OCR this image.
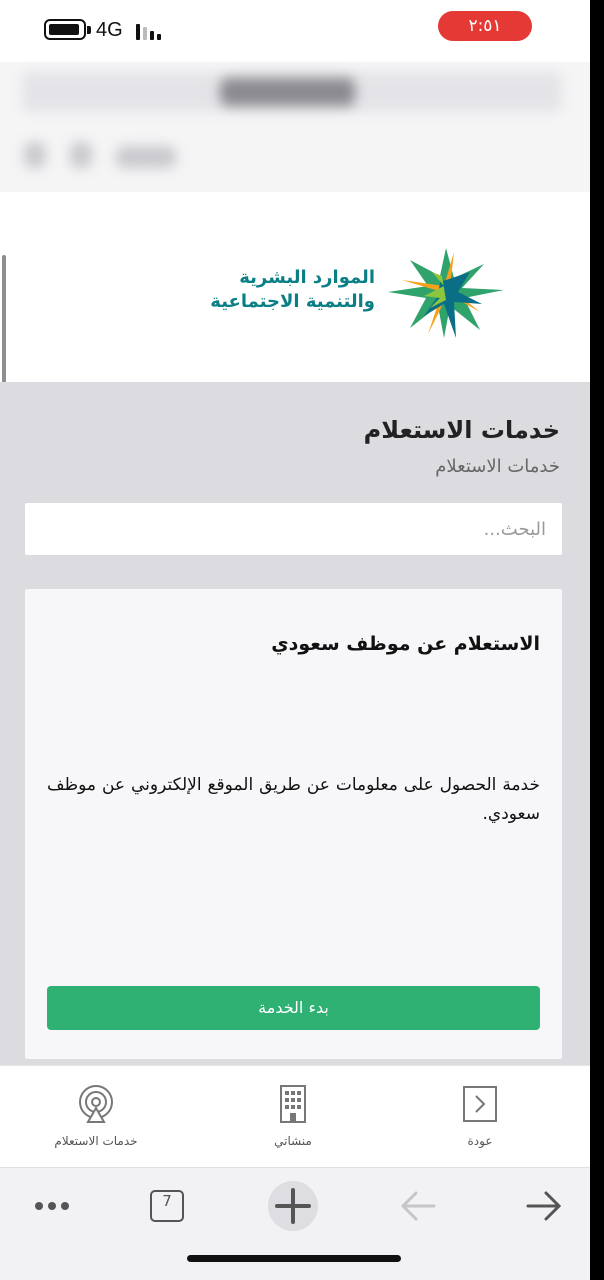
4G	٢:٥١
الموارد البشرية
والتنمية الاجتماعية
خدمات الاستعلام
خدمات الاستعلام
البحث...
الاستعلام عن موظف سعودي
خدمة الحصول على معلومات عن طريق الموقع الإلكتروني عن موظف سعودي.
بدء الخدمة
خدمات الاستعلام	منشاتي	عودة
7
